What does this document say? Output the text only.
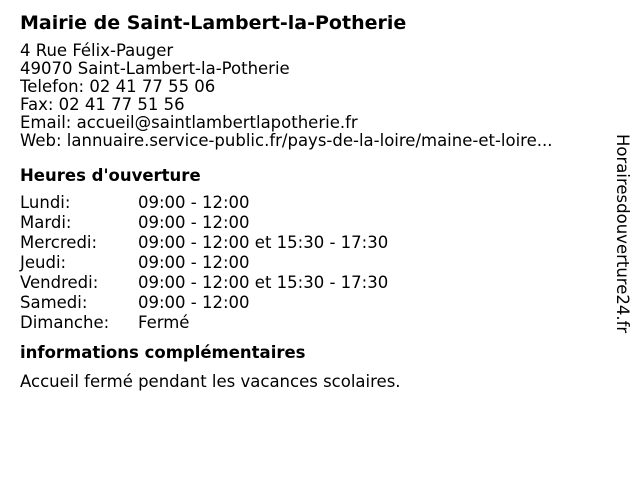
Mairie de Saint-Lambert-la-Potherie
4 Rue Félix-Pauger
49070 Saint-Lambert-la-Potherie
Telefon:
02 41 77 55 06
Fax:
02 41 77 51 56
Email:
accueil@saintlambertlapotherie.fr
Web:
lannuaire.service-public.fr/pays-de-la-loire/maine-et-loire...
Heures d'ouverture
Lundi:	09:00 - 12:00
Mardi:	09:00 - 12:00
Mercredi:	09:00 - 12:00 et 15:30 - 17:30
Jeudi:	09:00 - 12:00
Vendredi:	09:00 - 12:00 et 15:30 - 17:30
Samedi:	09:00 - 12:00
Dimanche:	Fermé
informations complémentaires
Accueil fermé pendant les vacances scolaires.
Horairesdouverture24.fr
